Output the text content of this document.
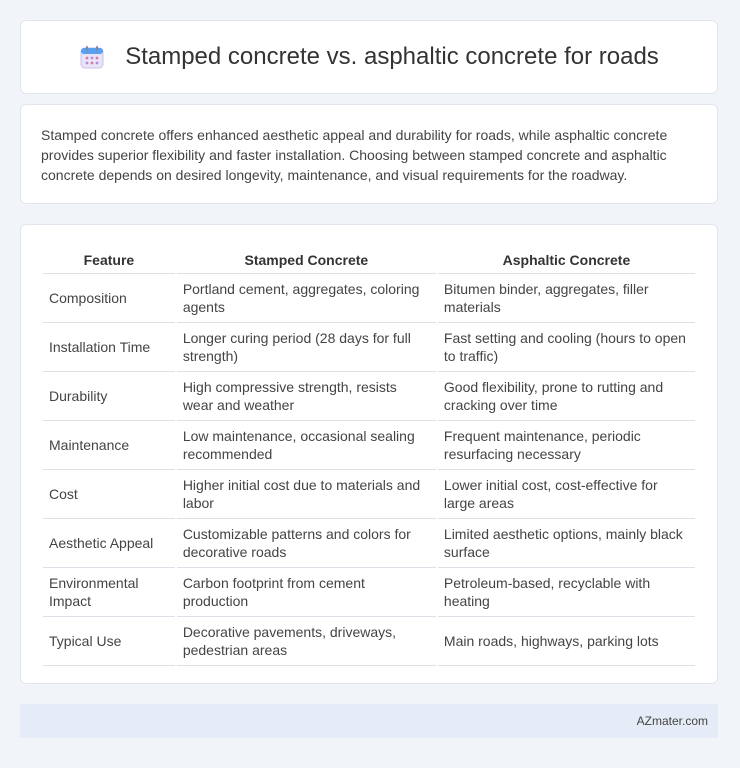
Stamped concrete vs. asphaltic concrete for roads

Stamped concrete offers enhanced aesthetic appeal and durability for roads, while asphaltic concrete provides superior flexibility and faster installation. Choosing between stamped concrete and asphaltic concrete depends on desired longevity, maintenance, and visual requirements for the roadway.

Feature	Stamped Concrete	Asphaltic Concrete
Composition	Portland cement, aggregates, coloring agents	Bitumen binder, aggregates, filler materials
Installation Time	Longer curing period (28 days for full strength)	Fast setting and cooling (hours to open to traffic)
Durability	High compressive strength, resists wear and weather	Good flexibility, prone to rutting and cracking over time
Maintenance	Low maintenance, occasional sealing recommended	Frequent maintenance, periodic resurfacing necessary
Cost	Higher initial cost due to materials and labor	Lower initial cost, cost-effective for large areas
Aesthetic Appeal	Customizable patterns and colors for decorative roads	Limited aesthetic options, mainly black surface
Environmental Impact	Carbon footprint from cement production	Petroleum-based, recyclable with heating
Typical Use	Decorative pavements, driveways, pedestrian areas	Main roads, highways, parking lots
AZmater.com
